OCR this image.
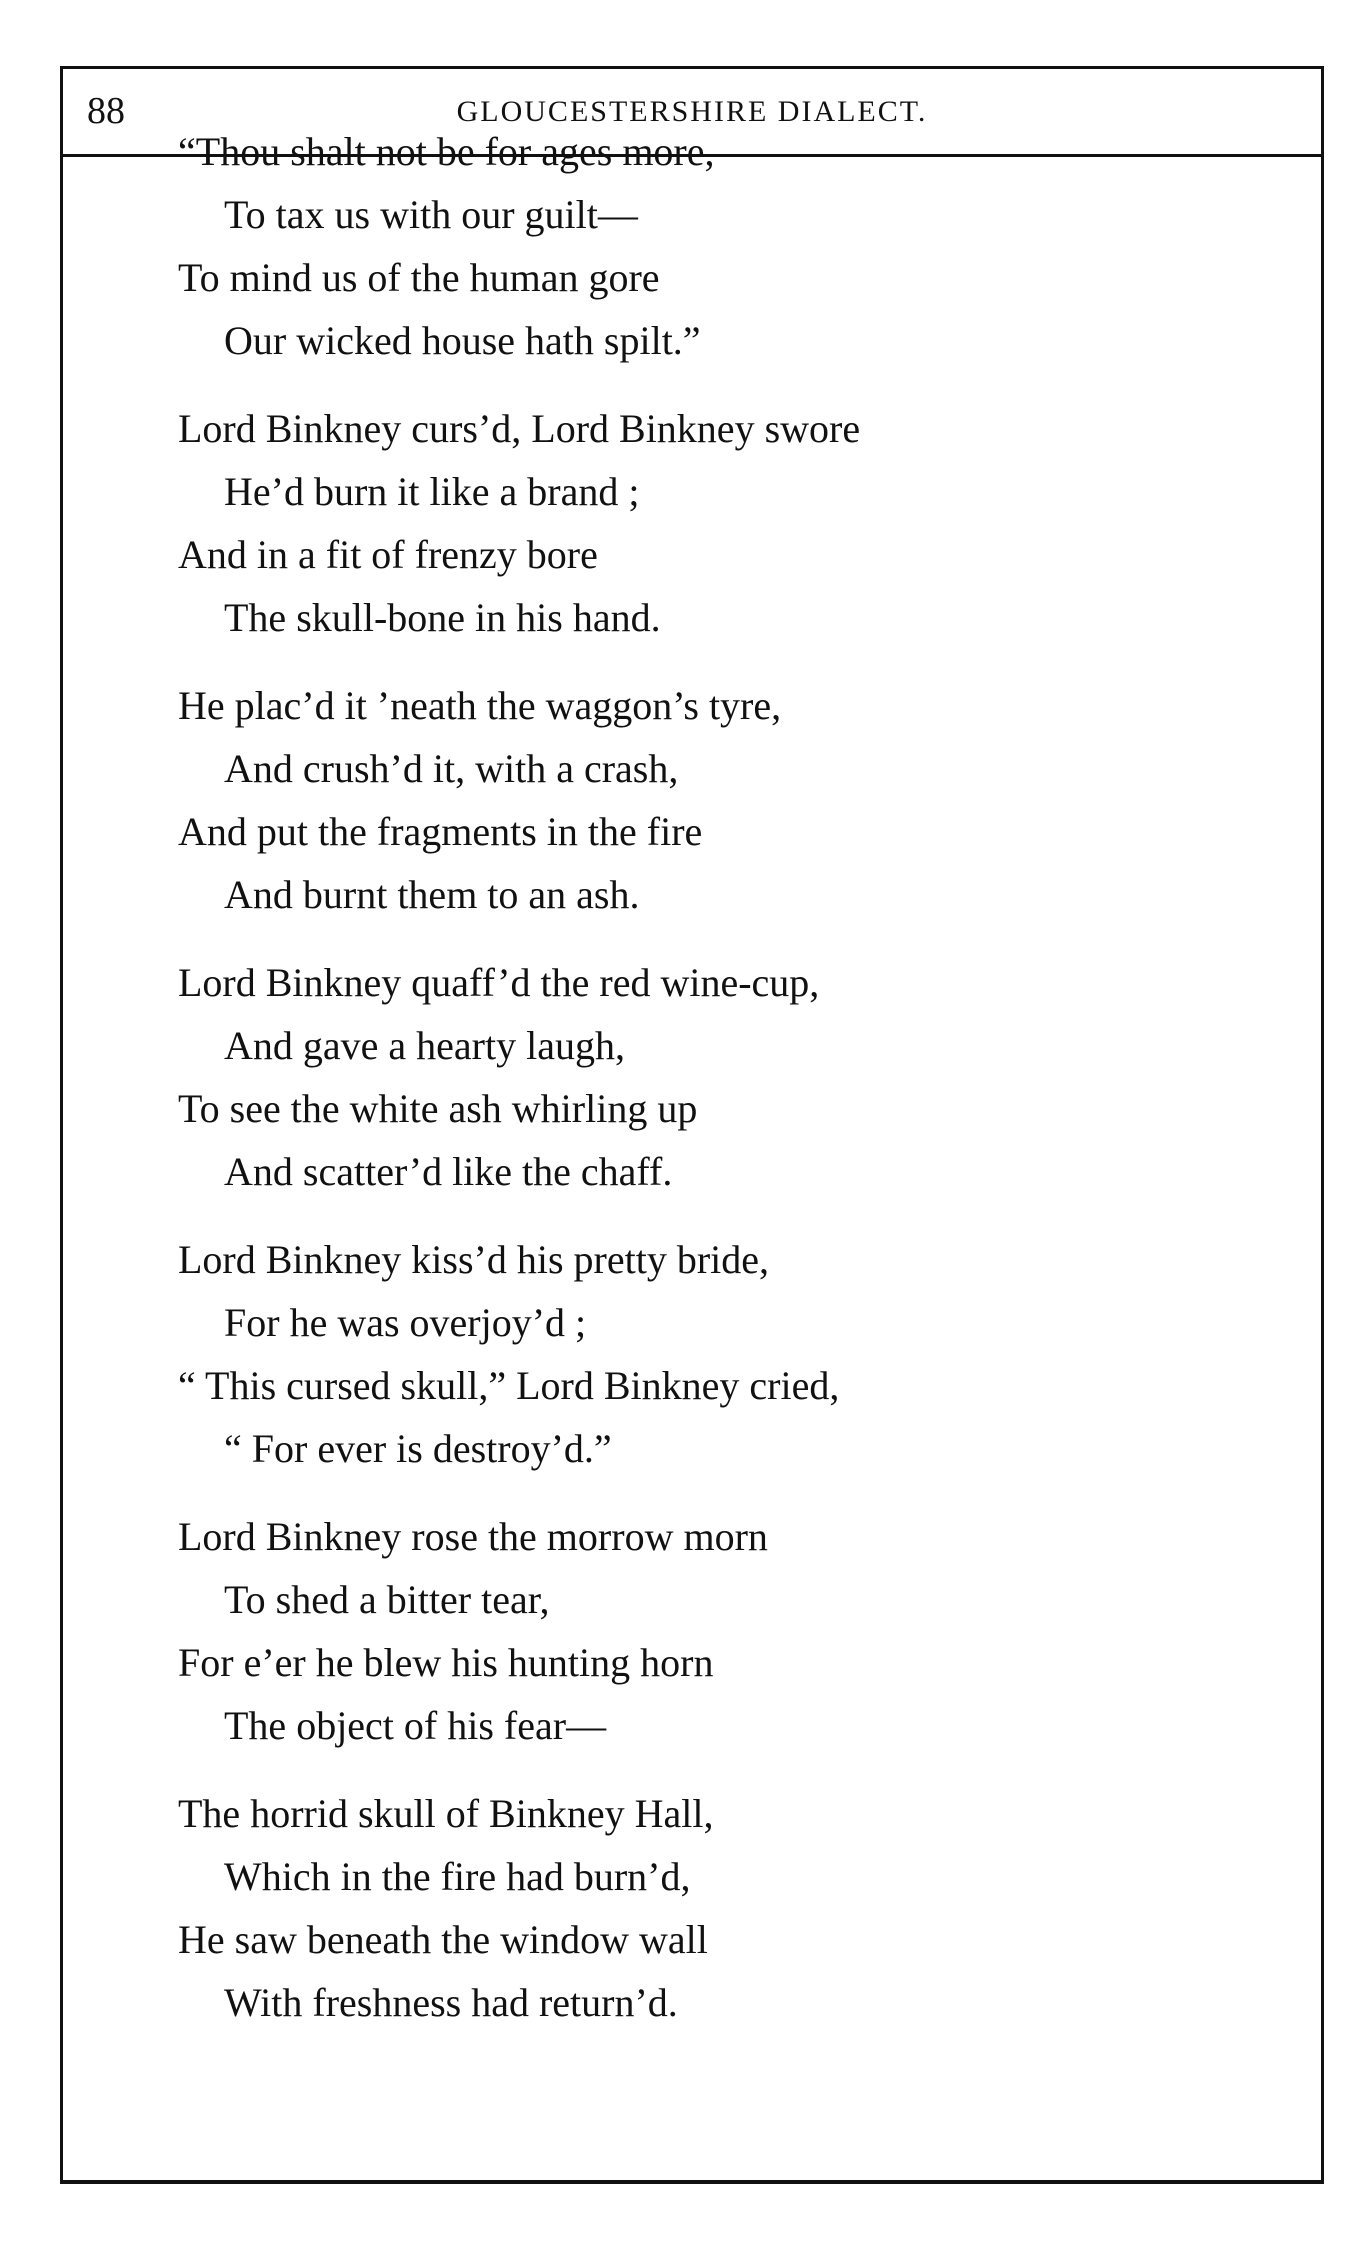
88	GLOUCESTERSHIRE DIALECT.
“Thou shalt not be for ages more,
To tax us with our guilt—
To mind us of the human gore
Our wicked house hath spilt.”
Lord Binkney curs’d, Lord Binkney swore
He’d burn it like a brand ;
And in a fit of frenzy bore
The skull-bone in his hand.
He plac’d it ’neath the waggon’s tyre,
And crush’d it, with a crash,
And put the fragments in the fire
And burnt them to an ash.
Lord Binkney quaff’d the red wine-cup,
And gave a hearty laugh,
To see the white ash whirling up
And scatter’d like the chaff.
Lord Binkney kiss’d his pretty bride,
For he was overjoy’d ;
“ This cursed skull,” Lord Binkney cried,
“ For ever is destroy’d.”
Lord Binkney rose the morrow morn
To shed a bitter tear,
For e’er he blew his hunting horn
The object of his fear—
The horrid skull of Binkney Hall,
Which in the fire had burn’d,
He saw beneath the window wall
With freshness had return’d.
